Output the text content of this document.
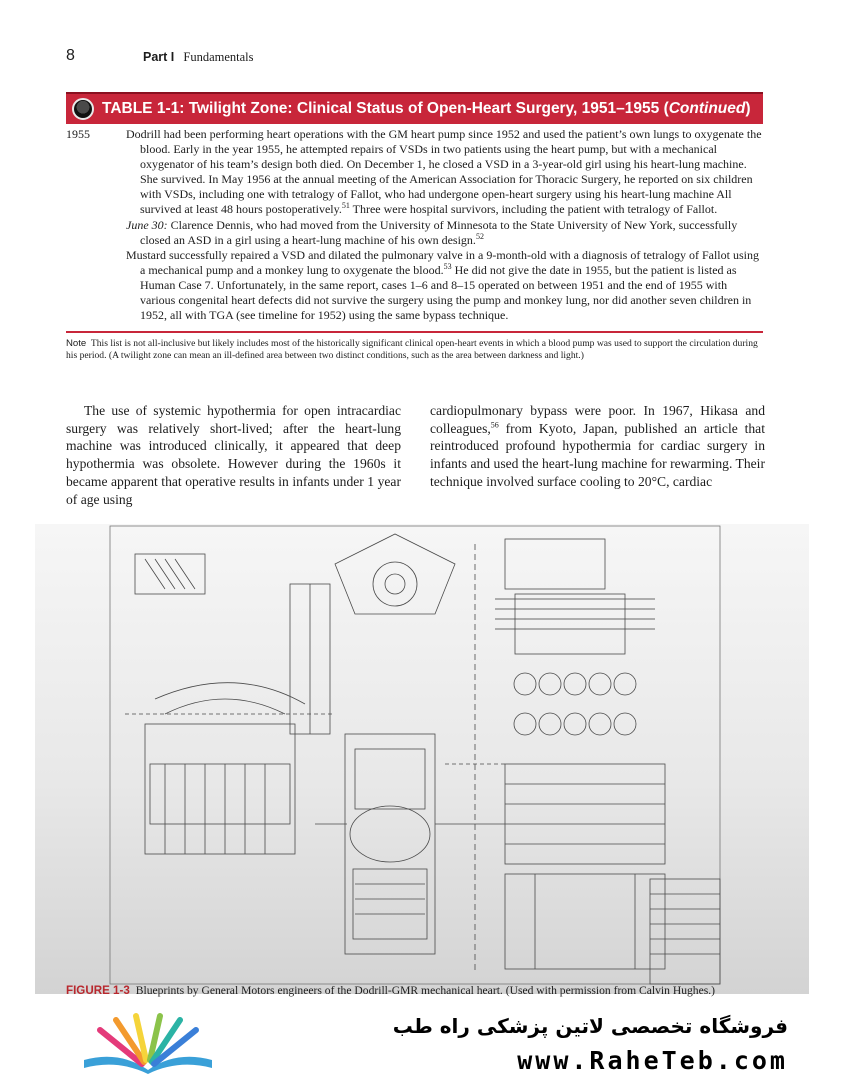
8	Part I Fundamentals
TABLE 1-1: Twilight Zone: Clinical Status of Open-Heart Surgery, 1951–1955 (Continued)
1955	Dodrill had been performing heart operations with the GM heart pump since 1952 and used the patient’s own lungs to oxygenate the blood. Early in the year 1955, he attempted repairs of VSDs in two patients using the heart pump, but with a mechanical oxygenator of his team’s design both died. On December 1, he closed a VSD in a 3-year-old girl using his heart-lung machine. She survived. In May 1956 at the annual meeting of the American Association for Thoracic Surgery, he reported on six children with VSDs, including one with tetralogy of Fallot, who had undergone open-heart surgery using his heart-lung machine All survived at least 48 hours postoperatively.$^{51}$ Three were hospital survivors, including the patient with tetralogy of Fallot.

June 30: Clarence Dennis, who had moved from the University of Minnesota to the State University of New York, successfully closed an ASD in a girl using a heart-lung machine of his own design.$^{52}$

Mustard successfully repaired a VSD and dilated the pulmonary valve in a 9-month-old with a diagnosis of tetralogy of Fallot using a mechanical pump and a monkey lung to oxygenate the blood.$^{53}$ He did not give the date in 1955, but the patient is listed as Human Case 7. Unfortunately, in the same report, cases 1–6 and 8–15 operated on between 1951 and the end of 1955 with various congenital heart defects did not survive the surgery using the pump and monkey lung, nor did another seven children in 1952, all with TGA (see timeline for 1952) using the same bypass technique.

Note This list is not all-inclusive but likely includes most of the historically significant clinical open-heart events in which a blood pump was used to support the circulation during his period. (A twilight zone can mean an ill-defined area between two distinct conditions, such as the area between darkness and light.)

The use of systemic hypothermia for open intracardiac surgery was relatively short-lived; after the heart-lung machine was introduced clinically, it appeared that deep hypothermia was obsolete. However during the 1960s it became apparent that operative results in infants under 1 year of age using

cardiopulmonary bypass were poor. In 1967, Hikasa and colleagues,$^{56}$ from Kyoto, Japan, published an article that reintroduced profound hypothermia for cardiac surgery in infants and used the heart-lung machine for rewarming. Their technique involved surface cooling to 20°C, cardiac

FIGURE 1-3 Blueprints by General Motors engineers of the Dodrill-GMR mechanical heart. (Used with permission from Calvin Hughes.)
فروشگاه تخصصی لاتین پزشکی راه طب
www.RaheTeb.com
